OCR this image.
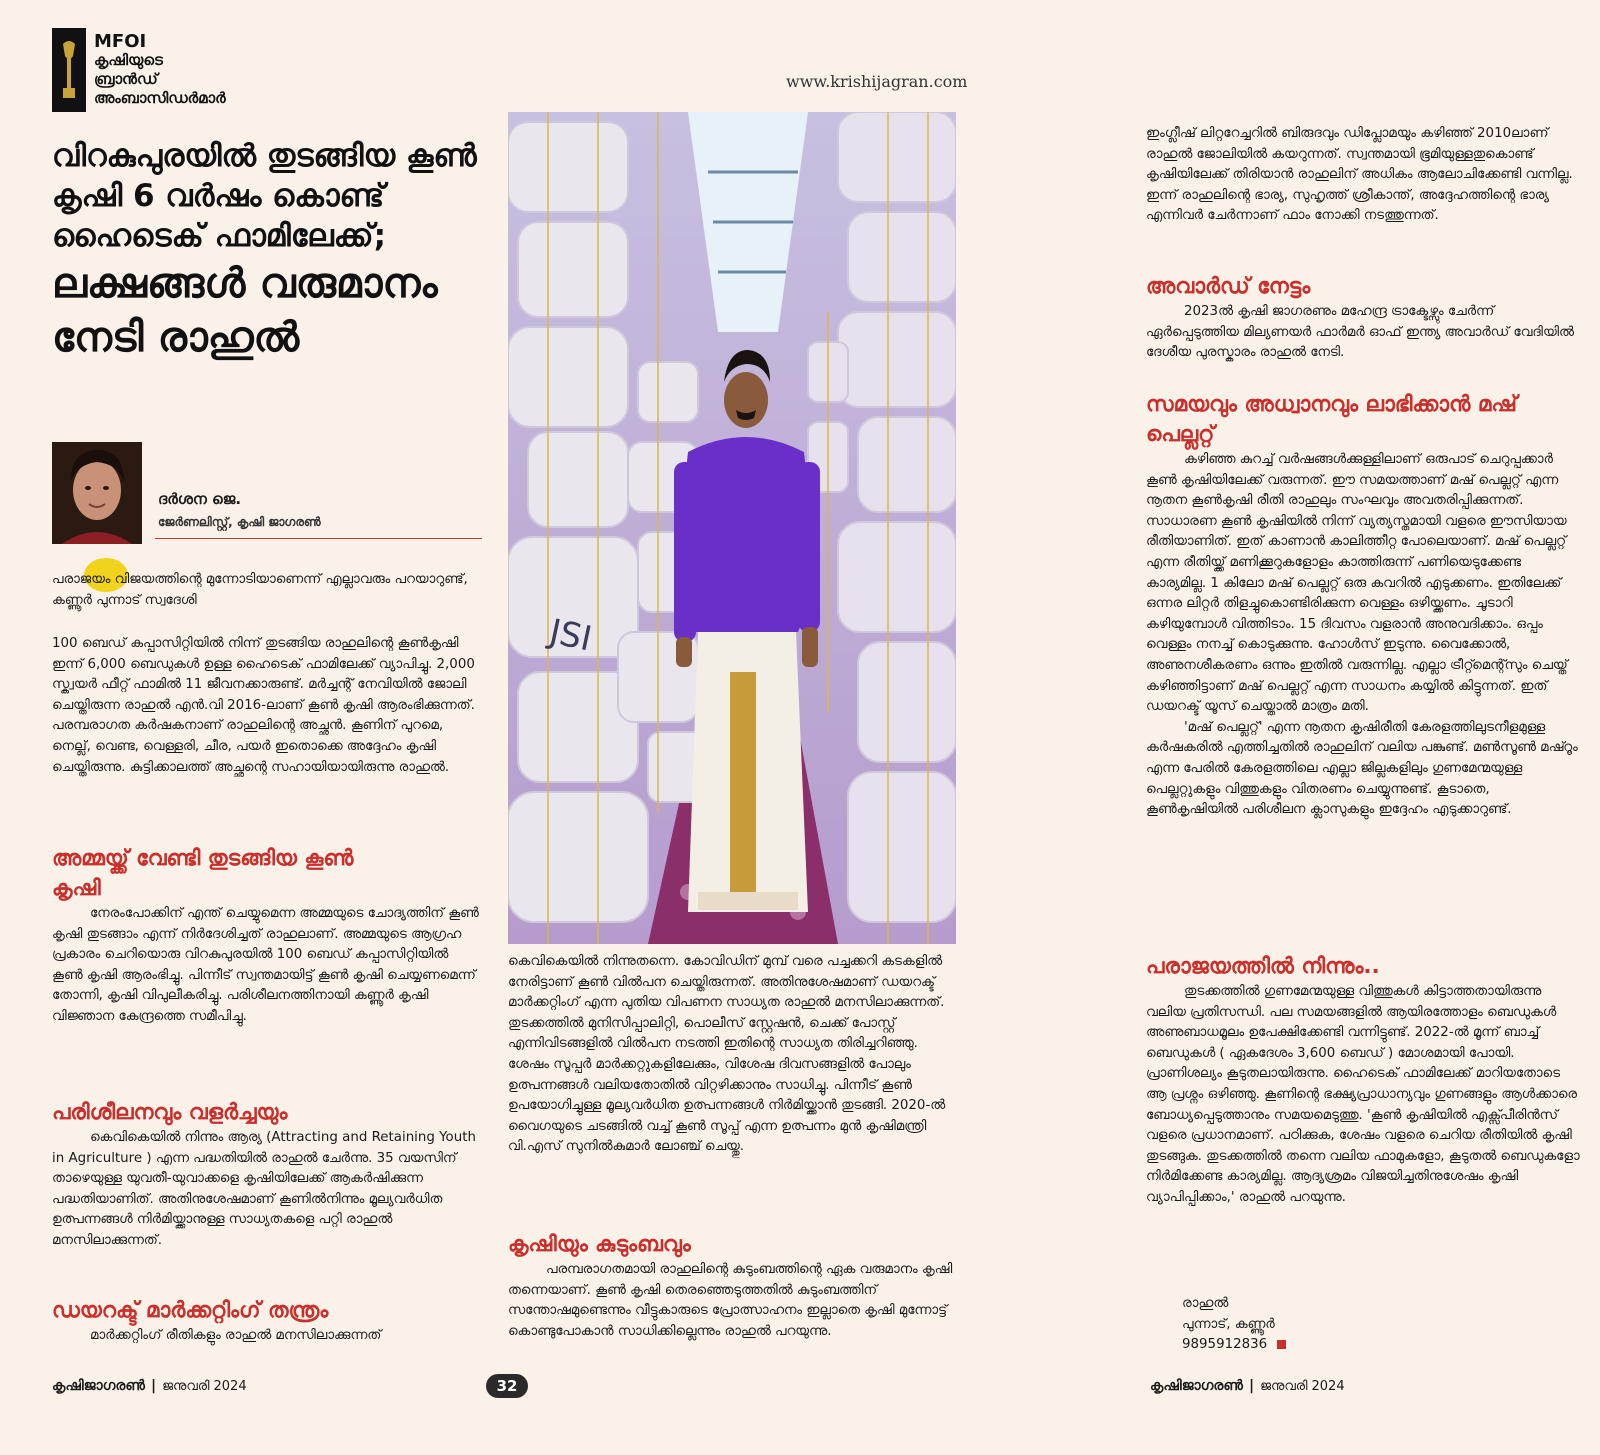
MFOI
കൃഷിയുടെ
ബ്രാൻഡ്
അംബാസിഡർമാർ
www.krishijagran.com
വിറകുപുരയിൽ തുടങ്ങിയ കൂൺ കൃഷി 6 വർഷം കൊണ്ട് ഹൈടെക് ഫാമിലേക്ക്;
ലക്ഷങ്ങൾ വരുമാനം നേടി രാഹുൽ
ദർശന ജെ.
ജേർണലിസ്റ്റ്, കൃഷി ജാഗരൺ
പരാജയം വിജയത്തിന്റെ മുന്നോടിയാണെന്ന് എല്ലാവരും പറയാറുണ്ട്, കണ്ണൂർ പുന്നാട് സ്വദേശി
100 ബെഡ് കപ്പാസിറ്റിയിൽ നിന്ന് തുടങ്ങിയ രാഹുലിന്റെ കൂൺകൃഷി ഇന്ന് 6,000 ബെഡുകൾ ഉള്ള ഹൈടെക് ഫാമിലേക്ക് വ്യാപിച്ചു. 2,000 സ്ക്വയർ ഫീറ്റ് ഫാമിൽ 11 ജീവനക്കാരുണ്ട്. മർച്ചന്റ് നേവിയിൽ ജോലി ചെയ്തിരുന്ന രാഹുൽ എൻ.വി 2016-ലാണ് കൂൺ കൃഷി ആരംഭിക്കുന്നത്. പരമ്പരാഗത കർഷകനാണ് രാഹുലിന്റെ അച്ഛൻ. കൂണിന് പുറമെ, നെല്ല്, വെണ്ട, വെള്ളരി, ചീര, പയർ ഇതൊക്കെ അദ്ദേഹം കൃഷി ചെയ്തിരുന്നു. കുട്ടിക്കാലത്ത് അച്ഛന്റെ സഹായിയായിരുന്നു രാഹുൽ.
അമ്മയ്ക്ക് വേണ്ടി തുടങ്ങിയ കൂൺ കൃഷി

നേരംപോക്കിന് എന്ത് ചെയ്യുമെന്ന അമ്മയുടെ ചോദ്യത്തിന് കൂൺ കൃഷി തുടങ്ങാം എന്ന് നിർദേശിച്ചത് രാഹുലാണ്. അമ്മയുടെ ആഗ്രഹ പ്രകാരം ചെറിയൊരു വിറകുപുരയിൽ 100 ബെഡ് കപ്പാസിറ്റിയിൽ കൂൺ കൃഷി ആരംഭിച്ചു. പിന്നീട് സ്വന്തമായിട്ട് കൂൺ കൃഷി ചെയ്യണമെന്ന് തോന്നി, കൃഷി വിപുലീകരിച്ചു. പരിശീലനത്തിനായി കണ്ണൂർ കൃഷി വിജ്ഞാന കേന്ദ്രത്തെ സമീപിച്ചു.

പരിശീലനവും വളർച്ചയും

കെവികെയിൽ നിന്നും ആര്യ (Attracting and Retaining Youth in Agriculture ) എന്ന പദ്ധതിയിൽ രാഹുൽ ചേർന്നു. 35 വയസിന് താഴെയുള്ള യുവതീ-യുവാക്കളെ കൃഷിയിലേക്ക് ആകർഷിക്കുന്ന പദ്ധതിയാണിത്. അതിനുശേഷമാണ് കൂണിൽനിന്നും മൂല്യവർധിത ഉത്പന്നങ്ങൾ നിർമിയ്ക്കാനുള്ള സാധ്യതകളെ പറ്റി രാഹുൽ മനസിലാക്കുന്നത്.

ഡയറക്ട് മാർക്കറ്റിംഗ് തന്ത്രം

മാർക്കറ്റിംഗ് രീതികളും രാഹുൽ മനസിലാക്കുന്നത്

JSI
കെവികെയിൽ നിന്നുതന്നെ. കോവിഡിന് മുമ്പ് വരെ പച്ചക്കറി കടകളിൽ നേരിട്ടാണ് കൂൺ വിൽപന ചെയ്തിരുന്നത്. അതിനുശേഷമാണ് ഡയറക്ട് മാർക്കറ്റിംഗ് എന്ന പുതിയ വിപണന സാധ്യത രാഹുൽ മനസിലാക്കുന്നത്. തുടക്കത്തിൽ മുനിസിപ്പാലിറ്റി, പൊലീസ് സ്റ്റേഷൻ, ചെക്ക് പോസ്റ്റ് എന്നിവിടങ്ങളിൽ വിൽപന നടത്തി ഇതിന്റെ സാധ്യത തിരിച്ചറിഞ്ഞു. ശേഷം സൂപ്പർ മാർക്കറ്റുകളിലേക്കും, വിശേഷ ദിവസങ്ങളിൽ പോലും ഉത്പന്നങ്ങൾ വലിയതോതിൽ വിറ്റഴിക്കാനും സാധിച്ചു. പിന്നീട് കൂൺ ഉപയോഗിച്ചുള്ള മൂല്യവർധിത ഉത്പന്നങ്ങൾ നിർമിയ്ക്കാൻ തുടങ്ങി. 2020-ൽ വൈഗയുടെ ചടങ്ങിൽ വച്ച് കൂൺ സൂപ്പ് എന്ന ഉത്പന്നം മുൻ കൃഷിമന്ത്രി വി.എസ് സുനിൽകുമാർ ലോഞ്ച് ചെയ്തു.
കൃഷിയും കുടുംബവും

പരമ്പരാഗതമായി രാഹുലിന്റെ കുടുംബത്തിന്റെ ഏക വരുമാനം കൃഷി തന്നെയാണ്. കൂൺ കൃഷി തെരഞ്ഞെടുത്തതിൽ കുടുംബത്തിന് സന്തോഷമുണ്ടെന്നും വീട്ടുകാരുടെ പ്രോത്സാഹനം ഇല്ലാതെ കൃഷി മുന്നോട്ട് കൊണ്ടുപോകാൻ സാധിക്കില്ലെന്നും രാഹുൽ പറയുന്നു.

ഇംഗ്ലീഷ് ലിറ്ററേച്ചറിൽ ബിരുദവും ഡിപ്ലോമയും കഴിഞ്ഞ് 2010ലാണ് രാഹുൽ ജോലിയിൽ കയറുന്നത്. സ്വന്തമായി ഭൂമിയുള്ളതുകൊണ്ട് കൃഷിയിലേക്ക് തിരിയാൻ രാഹുലിന് അധികം ആലോചിക്കേണ്ടി വന്നില്ല. ഇന്ന് രാഹുലിന്റെ ഭാര്യ, സുഹൃത്ത് ശ്രീകാന്ത്, അദ്ദേഹത്തിന്റെ ഭാര്യ എന്നിവർ ചേർന്നാണ് ഫാം നോക്കി നടത്തുന്നത്.
അവാർഡ് നേട്ടം

2023ൽ കൃഷി ജാഗരണും മഹേന്ദ്ര ട്രാക്ടേഴ്സും ചേർന്ന് ഏർപ്പെടുത്തിയ മില്യണയർ ഫാർമർ ഓഫ് ഇന്ത്യ അവാർഡ് വേദിയിൽ ദേശീയ പുരസ്കാരം രാഹുൽ നേടി.

സമയവും അധ്വാനവും ലാഭിക്കാൻ മഷ് പെല്ലറ്റ്

കഴിഞ്ഞ കുറച്ച് വർഷങ്ങൾക്കുള്ളിലാണ് ഒരുപാട് ചെറുപ്പക്കാർ കൂൺ കൃഷിയിലേക്ക് വരുന്നത്. ഈ സമയത്താണ് മഷ് പെല്ലറ്റ് എന്ന നൂതന കൂൺകൃഷി രീതി രാഹുലും സംഘവും അവതരിപ്പിക്കുന്നത്. സാധാരണ കൂൺ കൃഷിയിൽ നിന്ന് വ്യത്യസ്തമായി വളരെ ഈസിയായ രീതിയാണിത്. ഇത് കാണാൻ കാലിത്തീറ്റ പോലെയാണ്. മഷ് പെല്ലറ്റ് എന്ന രീതിയ്ക്ക് മണിക്കൂറുകളോളം കാത്തിരുന്ന് പണിയെടുക്കേണ്ട കാര്യമില്ല. 1 കിലോ മഷ് പെല്ലറ്റ് ഒരു കവറിൽ എടുക്കണം. ഇതിലേക്ക് ഒന്നര ലിറ്റർ തിളച്ചുകൊണ്ടിരിക്കുന്ന വെള്ളം ഒഴിയ്ക്കണം. ചൂടാറി കഴിയുമ്പോൾ വിത്തിടാം. 15 ദിവസം വളരാൻ അനുവദിക്കാം. ഒപ്പം വെള്ളം നനച്ച് കൊടുക്കുന്നു. ഹോൾസ് ഇടുന്നു. വൈക്കോൽ, അണുനശീകരണം ഒന്നും ഇതിൽ വരുന്നില്ല. എല്ലാ ട്രീറ്റ്മെന്റ്സും ചെയ്ത് കഴിഞ്ഞിട്ടാണ് മഷ് പെല്ലറ്റ് എന്ന സാധനം കയ്യിൽ കിട്ടുന്നത്. ഇത് ഡയറക്ട് യൂസ് ചെയ്താൽ മാത്രം മതി.

'മഷ് പെല്ലറ്റ്' എന്ന നൂതന കൃഷിരീതി കേരളത്തിലുടനീളമുള്ള കർഷകരിൽ എത്തിച്ചതിൽ രാഹുലിന് വലിയ പങ്കുണ്ട്. മൺസൂൺ മഷ്റൂം എന്ന പേരിൽ കേരളത്തിലെ എല്ലാ ജില്ലകളിലും ഗുണമേന്മയുള്ള പെല്ലറ്റുകളും വിത്തുകളും വിതരണം ചെയ്യുന്നുണ്ട്. കൂടാതെ, കൂൺകൃഷിയിൽ പരിശീലന ക്ലാസുകളും ഇദ്ദേഹം എടുക്കാറുണ്ട്.

പരാജയത്തിൽ നിന്നും..

തുടക്കത്തിൽ ഗുണമേന്മയുള്ള വിത്തുകൾ കിട്ടാത്തതായിരുന്നു വലിയ പ്രതിസന്ധി. പല സമയങ്ങളിൽ ആയിരത്തോളം ബെഡുകൾ അണുബാധമൂലം ഉപേക്ഷിക്കേണ്ടി വന്നിട്ടുണ്ട്. 2022-ൽ മൂന്ന് ബാച്ച് ബെഡുകൾ ( ഏകദേശം 3,600 ബെഡ് ) മോശമായി പോയി. പ്രാണിശല്യം കൂടുതലായിരുന്നു. ഹൈടെക് ഫാമിലേക്ക് മാറിയതോടെ ആ പ്രശ്നം ഒഴിഞ്ഞു. കൂണിന്റെ ഭക്ഷ്യപ്രാധാന്യവും ഗുണങ്ങളും ആൾക്കാരെ ബോധ്യപ്പെടുത്താനും സമയമെടുത്തു. 'കൂൺ കൃഷിയിൽ എക്സ്പീരിൻസ് വളരെ പ്രധാനമാണ്. പഠിക്കുക, ശേഷം വളരെ ചെറിയ രീതിയിൽ കൃഷി തുടങ്ങുക. തുടക്കത്തിൽ തന്നെ വലിയ ഫാമുകളോ, കൂടുതൽ ബെഡുകളോ നിർമിക്കേണ്ട കാര്യമില്ല. ആദ്യശ്രമം വിജയിച്ചതിനുശേഷം കൃഷി വ്യാപിപ്പിക്കാം,' രാഹുൽ പറയുന്നു.

രാഹുൽ
പുന്നാട്, കണ്ണൂർ
9895912836
കൃഷിജാഗരൺ | ജനുവരി 2024	32	കൃഷിജാഗരൺ | ജനുവരി 2024
